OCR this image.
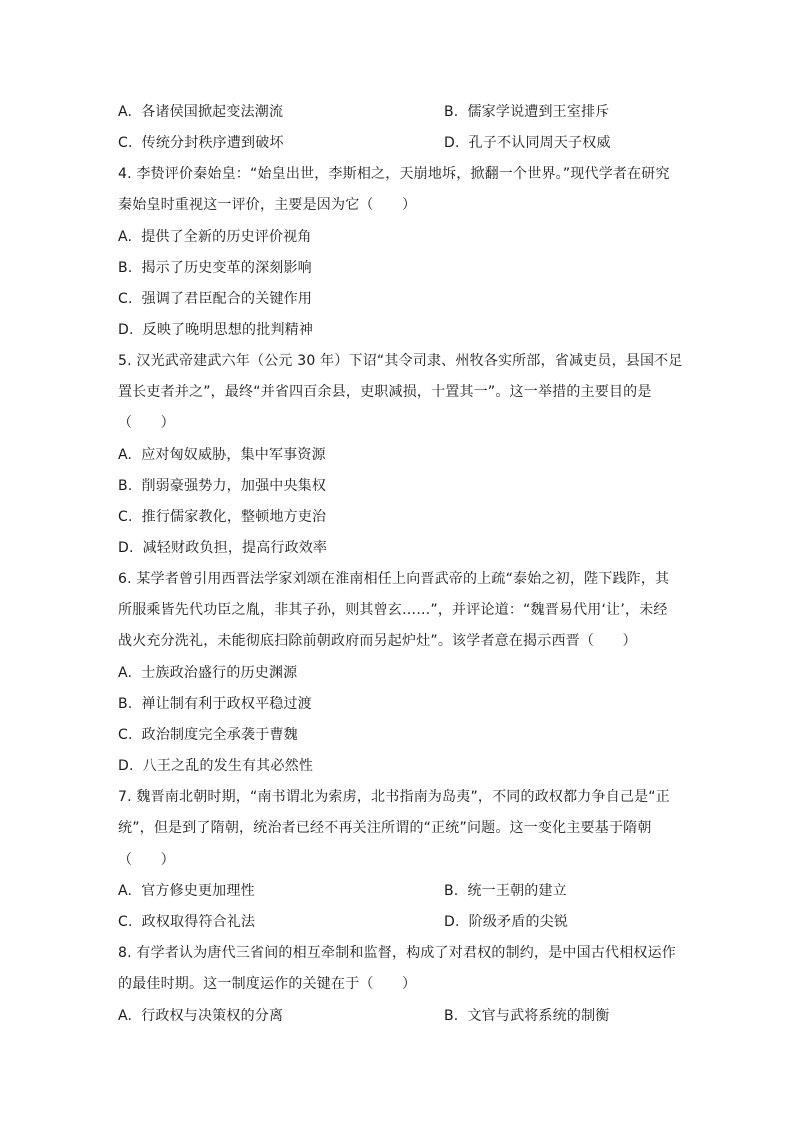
A. 各诸侯国掀起变法潮流	B. 儒家学说遭到王室排斥
C. 传统分封秩序遭到破坏	D. 孔子不认同周天子权威
4. 李贽评价秦始皇：“始皇出世，李斯相之，天崩地坼，掀翻一个世界。”现代学者在研究
秦始皇时重视这一评价，主要是因为它（　　）
A. 提供了全新的历史评价视角
B. 揭示了历史变革的深刻影响
C. 强调了君臣配合的关键作用
D. 反映了晚明思想的批判精神
5. 汉光武帝建武六年（公元 30 年）下诏“其令司隶、州牧各实所部，省减吏员，县国不足
置长吏者并之”，最终“并省四百余县，吏职减损，十置其一”。这一举措的主要目的是
（　　）
A. 应对匈奴威胁，集中军事资源
B. 削弱豪强势力，加强中央集权
C. 推行儒家教化，整顿地方吏治
D. 减轻财政负担，提高行政效率
6. 某学者曾引用西晋法学家刘颂在淮南相任上向晋武帝的上疏“泰始之初，陛下践阼，其
所服乘皆先代功臣之胤，非其子孙，则其曾玄……”，并评论道：“魏晋易代用‘让’，未经
战火充分洗礼，未能彻底扫除前朝政府而另起炉灶”。该学者意在揭示西晋（　　）
A. 士族政治盛行的历史渊源
B. 禅让制有利于政权平稳过渡
C. 政治制度完全承袭于曹魏
D. 八王之乱的发生有其必然性
7. 魏晋南北朝时期，“南书谓北为索虏，北书指南为岛夷”，不同的政权都力争自己是“正
统”，但是到了隋朝，统治者已经不再关注所谓的“正统”问题。这一变化主要基于隋朝
（　　）
A. 官方修史更加理性	B. 统一王朝的建立
C. 政权取得符合礼法	D. 阶级矛盾的尖锐
8. 有学者认为唐代三省间的相互牵制和监督，构成了对君权的制约，是中国古代相权运作
的最佳时期。这一制度运作的关键在于（　　）
A. 行政权与决策权的分离	B. 文官与武将系统的制衡
